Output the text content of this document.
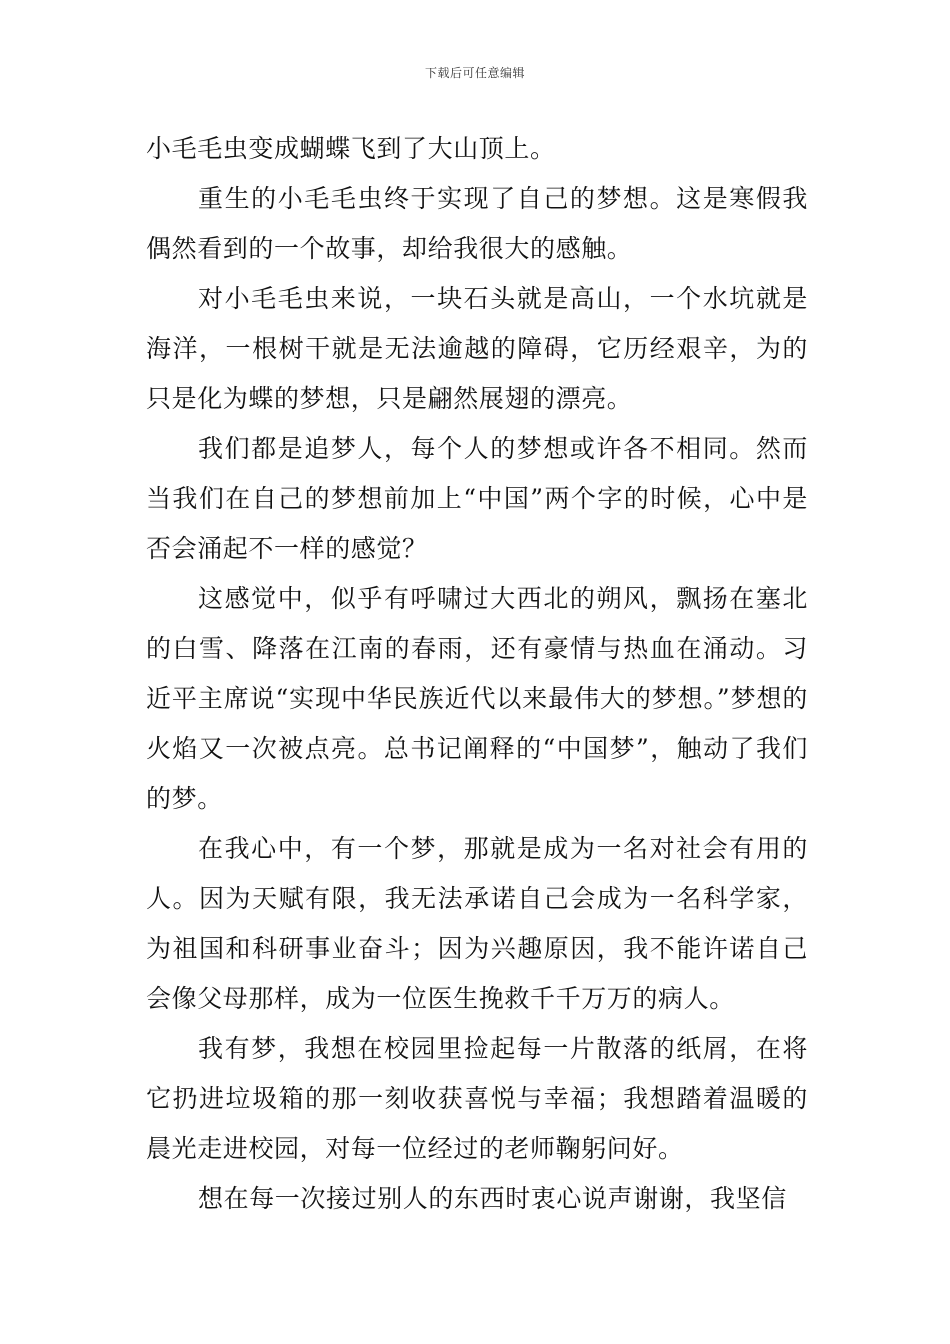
下载后可任意编辑

小毛毛虫变成蝴蝶飞到了大山顶上。

重生的小毛毛虫终于实现了自己的梦想。这是寒假我偶然看到的一个故事，却给我很大的感触。

对小毛毛虫来说，一块石头就是高山，一个水坑就是海洋，一根树干就是无法逾越的障碍，它历经艰辛，为的只是化为蝶的梦想，只是翩然展翅的漂亮。

我们都是追梦人，每个人的梦想或许各不相同。然而当我们在自己的梦想前加上“中国”两个字的时候，心中是否会涌起不一样的感觉？

这感觉中，似乎有呼啸过大西北的朔风，飘扬在塞北的白雪、降落在江南的春雨，还有豪情与热血在涌动。习近平主席说“实现中华民族近代以来最伟大的梦想。”梦想的火焰又一次被点亮。总书记阐释的“中国梦”，触动了我们的梦。

在我心中，有一个梦，那就是成为一名对社会有用的人。因为天赋有限，我无法承诺自己会成为一名科学家，为祖国和科研事业奋斗；因为兴趣原因，我不能许诺自己会像父母那样，成为一位医生挽救千千万万的病人。

我有梦，我想在校园里捡起每一片散落的纸屑，在将它扔进垃圾箱的那一刻收获喜悦与幸福；我想踏着温暖的晨光走进校园，对每一位经过的老师鞠躬问好。

想在每一次接过别人的东西时衷心说声谢谢，我坚信
